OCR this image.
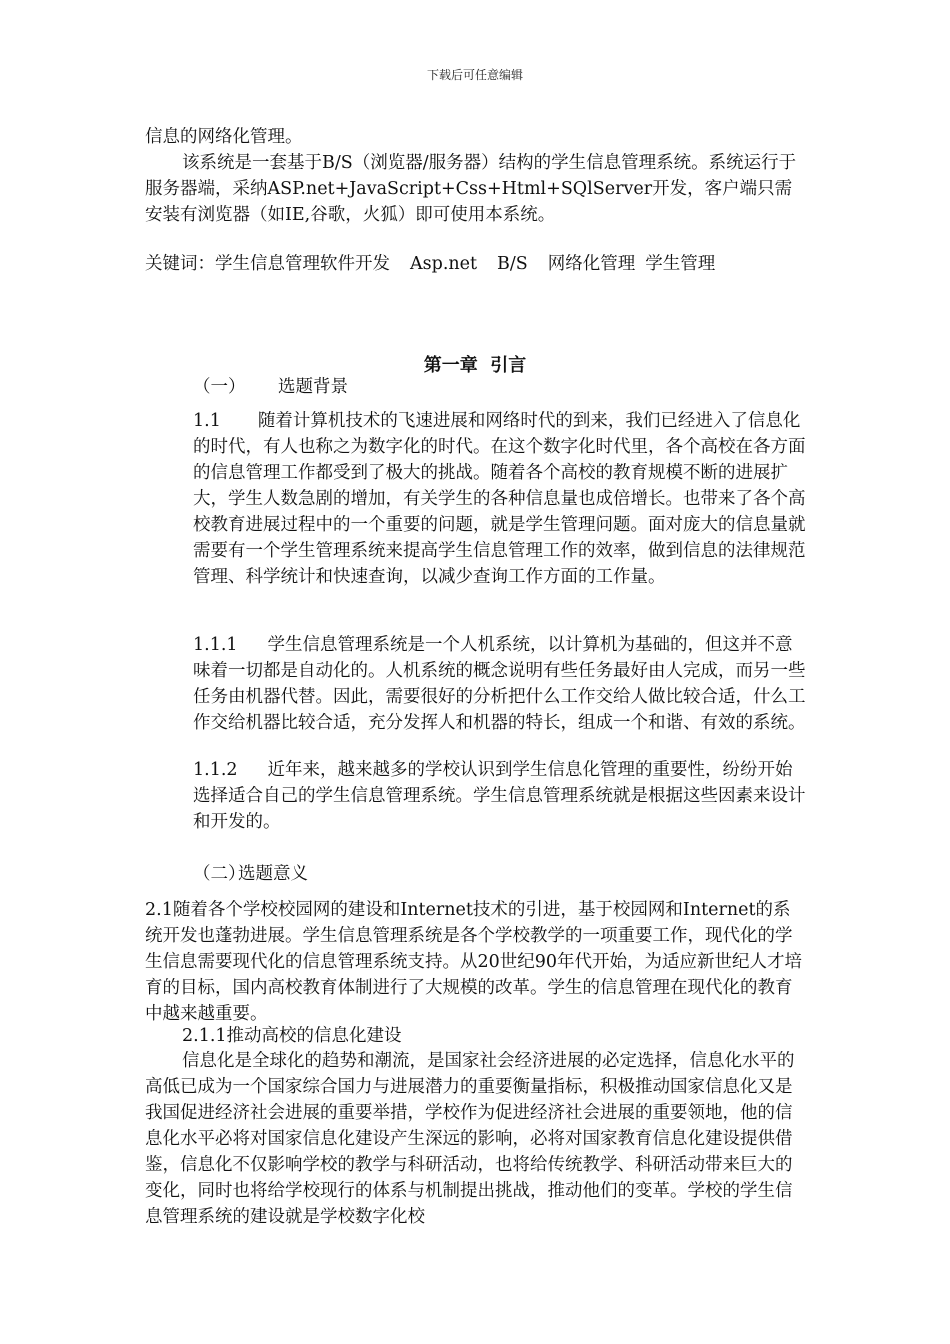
下载后可任意编辑

信息的网络化管理。

该系统是一套基于B/S（浏览器/服务器）结构的学生信息管理系统。系统运行于服务器端，采纳ASP.net+JavaScript+Css+Html+SQlServer开发，客户端只需安装有浏览器（如IE,谷歌，火狐）即可使用本系统。

关键词：学生信息管理软件开发 Asp.net B/S 网络化管理 学生管理
第一章  引言
（一） 选题背景

1.1 随着计算机技术的飞速进展和网络时代的到来，我们已经进入了信息化的时代，有人也称之为数字化的时代。在这个数字化时代里，各个高校在各方面的信息管理工作都受到了极大的挑战。随着各个高校的教育规模不断的进展扩大，学生人数急剧的增加，有关学生的各种信息量也成倍增长。也带来了各个高校教育进展过程中的一个重要的问题，就是学生管理问题。面对庞大的信息量就需要有一个学生管理系统来提高学生信息管理工作的效率，做到信息的法律规范管理、科学统计和快速查询，以减少查询工作方面的工作量。

1.1.1 学生信息管理系统是一个人机系统，以计算机为基础的，但这并不意味着一切都是自动化的。人机系统的概念说明有些任务最好由人完成，而另一些任务由机器代替。因此，需要很好的分析把什么工作交给人做比较合适，什么工作交给机器比较合适，充分发挥人和机器的特长，组成一个和谐、有效的系统。

1.1.2 近年来，越来越多的学校认识到学生信息化管理的重要性，纷纷开始选择适合自己的学生信息管理系统。学生信息管理系统就是根据这些因素来设计和开发的。

（二）选题意义

2.1随着各个学校校园网的建设和Internet技术的引进，基于校园网和Internet的系统开发也蓬勃进展。学生信息管理系统是各个学校教学的一项重要工作，现代化的学生信息需要现代化的信息管理系统支持。从20世纪90年代开始，为适应新世纪人才培育的目标，国内高校教育体制进行了大规模的改革。学生的信息管理在现代化的教育中越来越重要。

2.1.1推动高校的信息化建设

信息化是全球化的趋势和潮流，是国家社会经济进展的必定选择，信息化水平的高低已成为一个国家综合国力与进展潜力的重要衡量指标，积极推动国家信息化又是我国促进经济社会进展的重要举措，学校作为促进经济社会进展的重要领地，他的信息化水平必将对国家信息化建设产生深远的影响，必将对国家教育信息化建设提供借鉴，信息化不仅影响学校的教学与科研活动，也将给传统教学、科研活动带来巨大的变化，同时也将给学校现行的体系与机制提出挑战，推动他们的变革。学校的学生信息管理系统的建设就是学校数字化校
